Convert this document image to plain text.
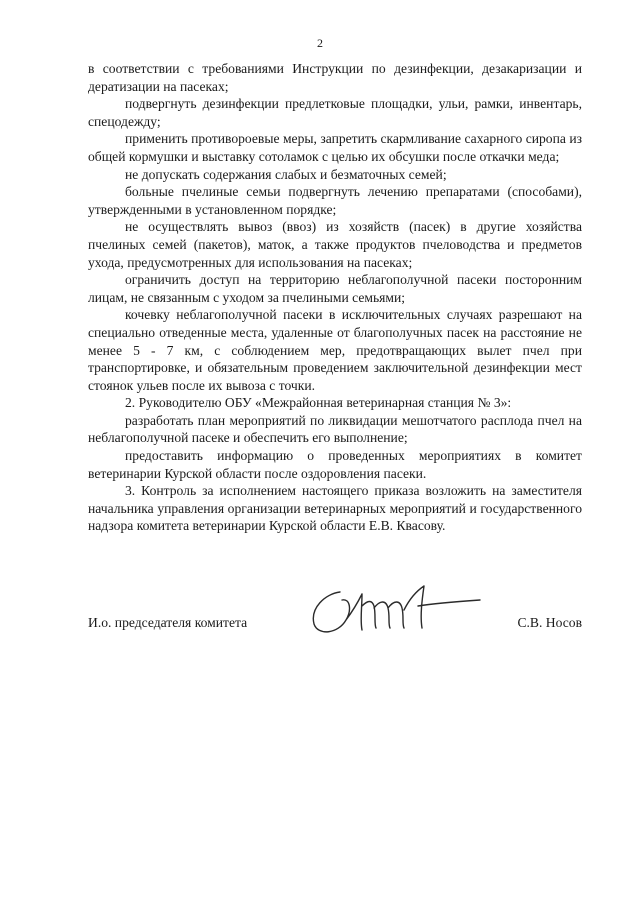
2

в соответствии с требованиями Инструкции по дезинфекции, дезакаризации и дератизации на пасеках;

подвергнуть дезинфекции предлетковые площадки, ульи, рамки, инвентарь, спецодежду;

применить противороевые меры, запретить скармливание сахарного сиропа из общей кормушки и выставку сотоламок с целью их обсушки после откачки меда;

не допускать содержания слабых и безматочных семей;

больные пчелиные семьи подвергнуть лечению препаратами (способами), утвержденными в установленном порядке;

не осуществлять вывоз (ввоз) из хозяйств (пасек) в другие хозяйства пчелиных семей (пакетов), маток, а также продуктов пчеловодства и предметов ухода, предусмотренных для использования на пасеках;

ограничить доступ на территорию неблагополучной пасеки посторонним лицам, не связанным с уходом за пчелиными семьями;

кочевку неблагополучной пасеки в исключительных случаях разрешают на специально отведенные места, удаленные от благополучных пасек на расстояние не менее 5 - 7 км, с соблюдением мер, предотвращающих вылет пчел при транспортировке, и обязательным проведением заключительной дезинфекции мест стоянок ульев после их вывоза с точки.

2. Руководителю ОБУ «Межрайонная ветеринарная станция № 3»:

разработать план мероприятий по ликвидации мешотчатого расплода пчел на неблагополучной пасеке и обеспечить его выполнение;

предоставить информацию о проведенных мероприятиях в комитет ветеринарии Курской области после оздоровления пасеки.

3. Контроль за исполнением настоящего приказа возложить на заместителя начальника управления организации ветеринарных мероприятий и государственного надзора комитета ветеринарии Курской области Е.В. Квасову.

И.о. председателя комитета	С.В. Носов
